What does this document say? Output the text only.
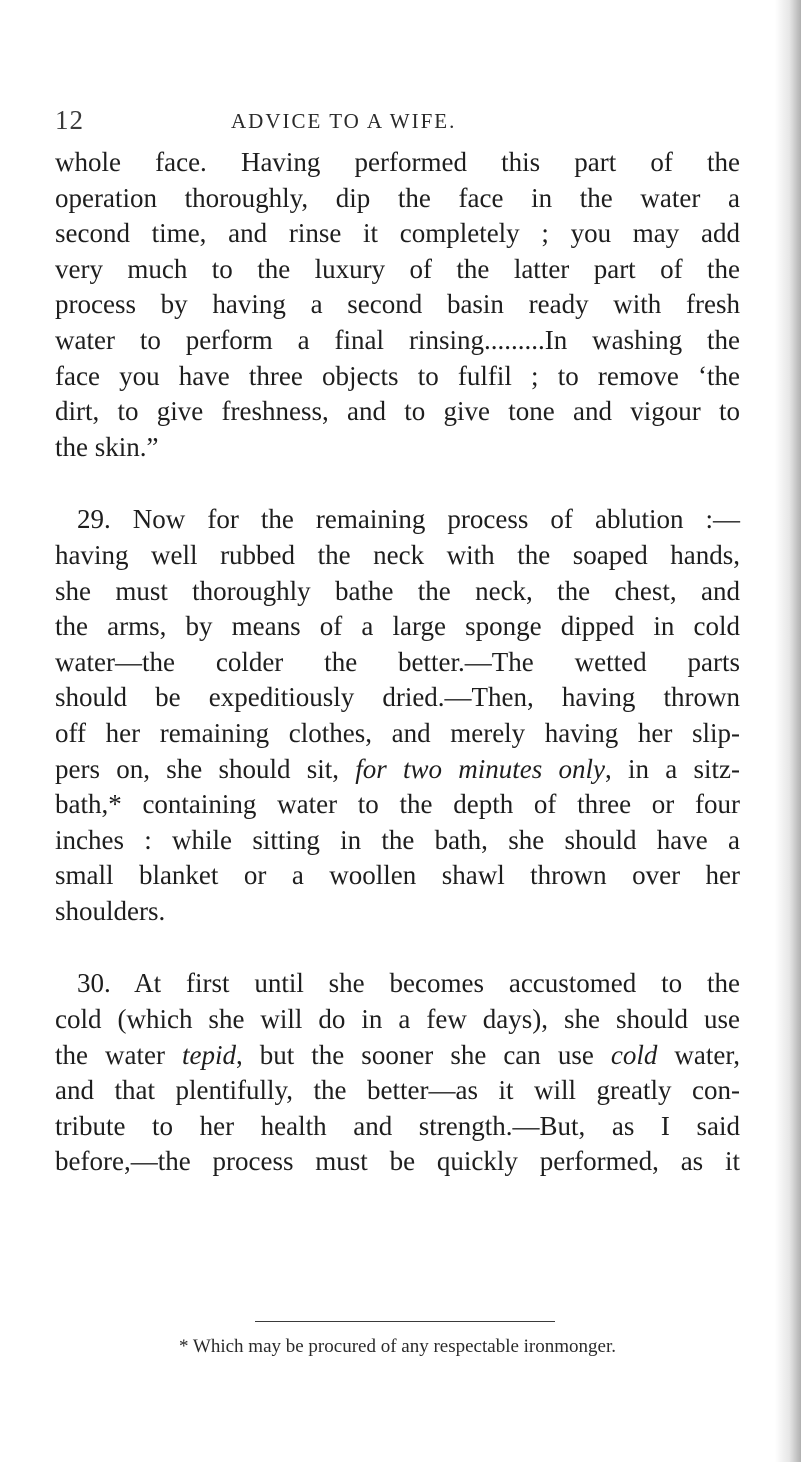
12	ADVICE TO A WIFE.
whole face. Having performed this part of the
operation thoroughly, dip the face in the water a
second time, and rinse it completely ; you may add
very much to the luxury of the latter part of the
process by having a second basin ready with fresh
water to perform a final rinsing.........In washing the
face you have three objects to fulfil ; to remove ‘the
dirt, to give freshness, and to give tone and vigour to
the skin.”
29. Now for the remaining process of ablution :—
having well rubbed the neck with the soaped hands,
she must thoroughly bathe the neck, the chest, and
the arms, by means of a large sponge dipped in cold
water—the colder the better.—The wetted parts
should be expeditiously dried.—Then, having thrown
off her remaining clothes, and merely having her slip-
pers on, she should sit, for two minutes only, in a sitz-
bath,* containing water to the depth of three or four
inches : while sitting in the bath, she should have a
small blanket or a woollen shawl thrown over her
shoulders.
30. At first until she becomes accustomed to the
cold (which she will do in a few days), she should use
the water tepid, but the sooner she can use cold water,
and that plentifully, the better—as it will greatly con-
tribute to her health and strength.—But, as I said
before,—the process must be quickly performed, as it
* Which may be procured of any respectable ironmonger.
